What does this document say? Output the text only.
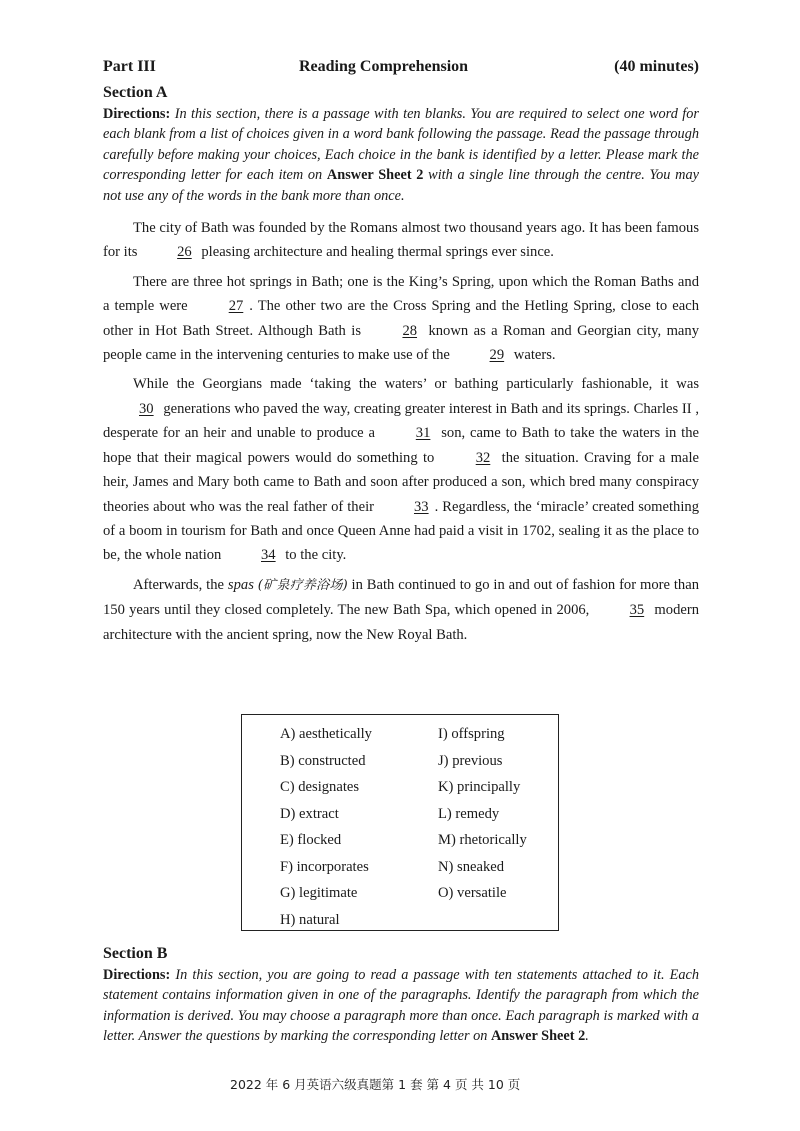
Part III	Reading Comprehension	(40 minutes)
Section A

Directions: In this section, there is a passage with ten blanks. You are required to select one word for each blank from a list of choices given in a word bank following the passage. Read the passage through carefully before making your choices, Each choice in the bank is identified by a letter. Please mark the corresponding letter for each item on Answer Sheet 2 with a single line through the centre. You may not use any of the words in the bank more than once.

The city of Bath was founded by the Romans almost two thousand years ago. It has been famous for its	26 pleasing architecture and healing thermal springs ever since.

There are three hot springs in Bath; one is the King’s Spring, upon which the Roman Baths and a temple were	27 . The other two are the Cross Spring and the Hetling Spring, close to each other in Hot Bath Street. Although Bath is	28 known as a Roman and Georgian city, many people came in the intervening centuries to make use of the	29 waters.

While the Georgians made ‘taking the waters’ or bathing particularly fashionable, it was 30 generations who paved the way, creating greater interest in Bath and its springs. Charles II , desperate for an heir and unable to produce a	31 son, came to Bath to take the waters in the hope that their magical powers would do something to	32 the situation. Craving for a male heir, James and Mary both came to Bath and soon after produced a son, which bred many conspiracy theories about who was the real father of their	33 . Regardless, the ‘miracle’ created something of a boom in tourism for Bath and once Queen Anne had paid a visit in 1702, sealing it as the place to be, the whole nation	34 to the city.

Afterwards, the spas (矿泉疗养浴场) in Bath continued to go in and out of fashion for more than 150 years until they closed completely. The new Bath Spa, which opened in 2006,	35 modern architecture with the ancient spring, now the New Royal Bath.

A) aesthetically
B) constructed
C) designates
D) extract
E) flocked
F) incorporates
G) legitimate
H) natural
I) offspring
J) previous
K) principally
L) remedy
M) rhetorically
N) sneaked
O) versatile
Section B

Directions: In this section, you are going to read a passage with ten statements attached to it. Each statement contains information given in one of the paragraphs. Identify the paragraph from which the information is derived. You may choose a paragraph more than once. Each paragraph is marked with a letter. Answer the questions by marking the corresponding letter on Answer Sheet 2.

2022 年 6 月英语六级真题第 1 套 第 4 页 共 10 页
